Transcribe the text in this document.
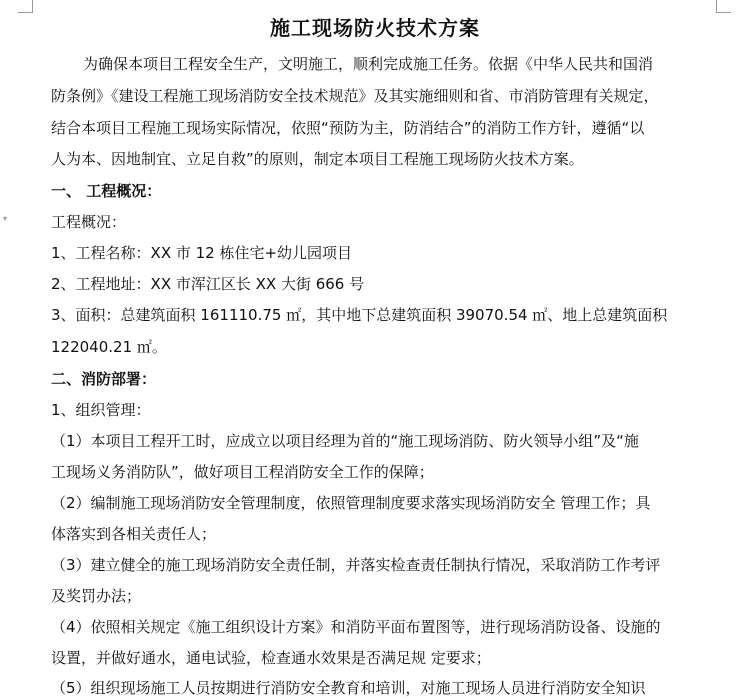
▾
施工现场防火技术方案
为确保本项目工程安全生产，文明施工，顺利完成施工任务。依据《中华人民共和国消
防条例》《建设工程施工现场消防安全技术规范》及其实施细则和省、市消防管理有关规定，
结合本项目工程施工现场实际情况，依照“预防为主，防消结合”的消防工作方针，遵循“以
人为本、因地制宜、立足自救”的原则，制定本项目工程施工现场防火技术方案。
一、 工程概况：
工程概况：
1、工程名称：XX 市 12 栋住宅+幼儿园项目
2、工程地址：XX 市浑江区长 XX 大街 666 号
3、面积：总建筑面积 161110.75 ㎡，其中地下总建筑面积 39070.54 ㎡、地上总建筑面积
122040.21 ㎡。
二、消防部署：
1、组织管理：
（1）本项目工程开工时，应成立以项目经理为首的“施工现场消防、防火领导小组”及“施
工现场义务消防队”，做好项目工程消防安全工作的保障；
（2）编制施工现场消防安全管理制度，依照管理制度要求落实现场消防安全 管理工作；具
体落实到各相关责任人；
（3）建立健全的施工现场消防安全责任制，并落实检查责任制执行情况，采取消防工作考评
及奖罚办法；
（4）依照相关规定《施工组织设计方案》和消防平面布置图等，进行现场消防设备、设施的
设置，并做好通水，通电试验，检查通水效果是否满足规 定要求；
（5）组织现场施工人员按期进行消防安全教育和培训，对施工现场人员进行消防安全知识
